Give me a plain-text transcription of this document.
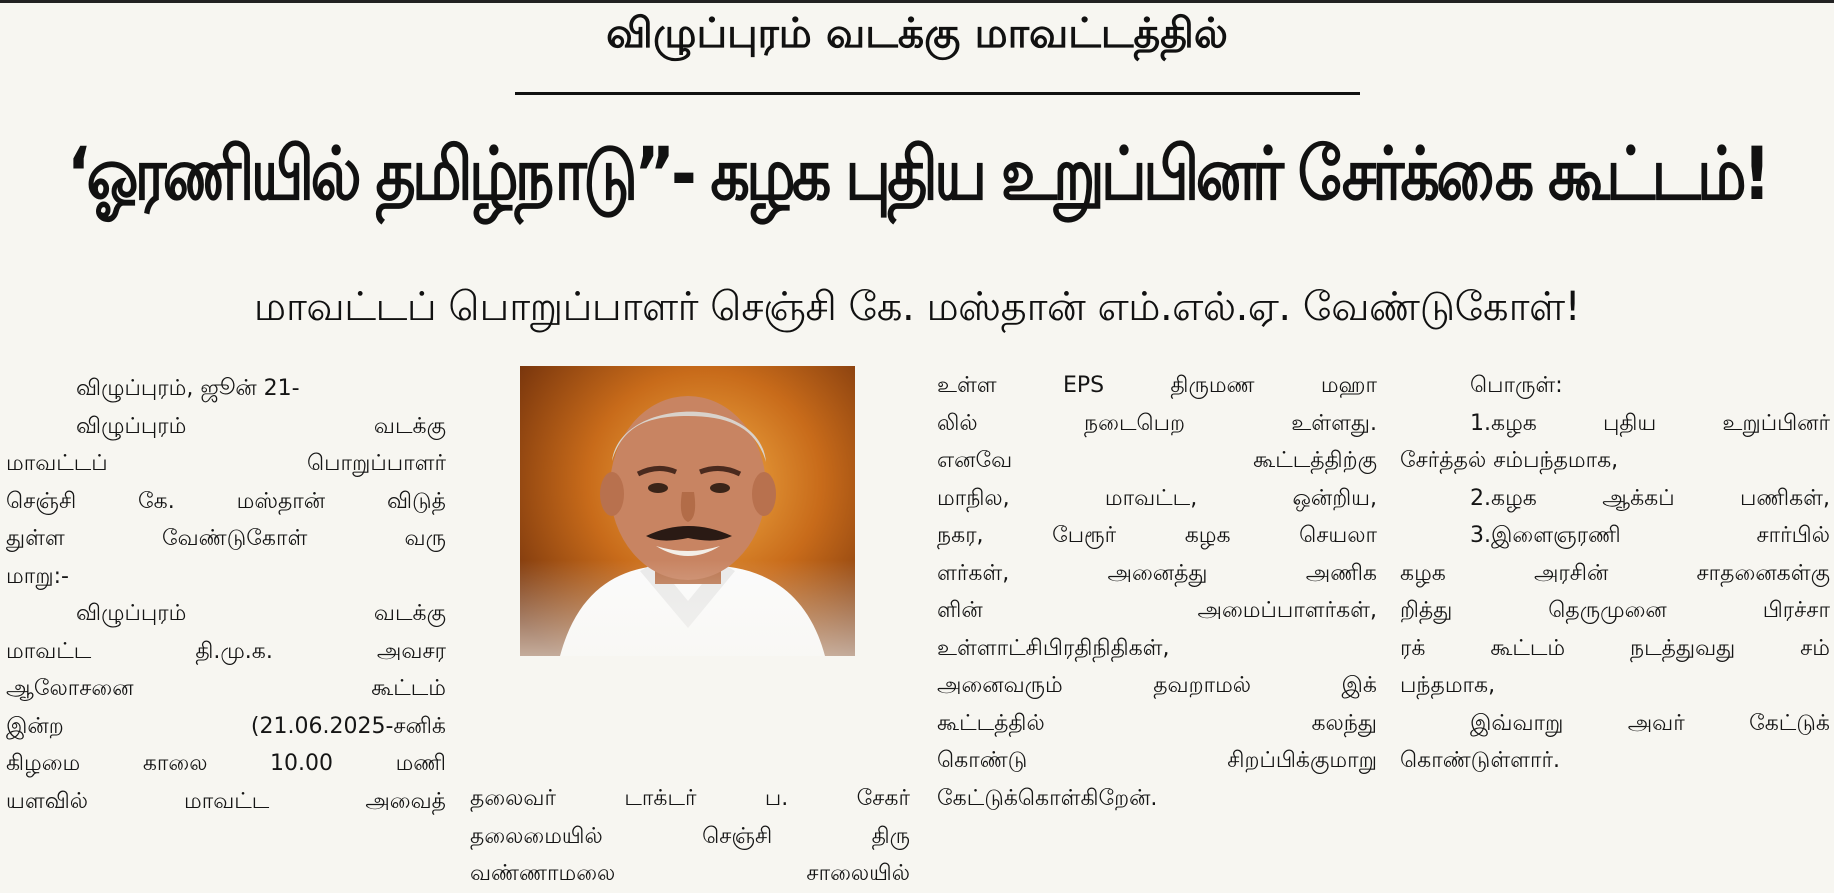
விழுப்புரம் வடக்கு மாவட்டத்தில்
‘ஓரணியில் தமிழ்நாடு”- கழக புதிய உறுப்பினர் சேர்க்கை கூட்டம்!
மாவட்டப் பொறுப்பாளர் செஞ்சி கே. மஸ்தான் எம்.எல்.ஏ. வேண்டுகோள்!

விழுப்புரம், ஜூன் 21-

விழுப்புரம் வடக்கு

மாவட்டப் பொறுப்பாளர்

செஞ்சி கே. மஸ்தான் விடுத்

துள்ள வேண்டுகோள் வரு

மாறு:-

விழுப்புரம் வடக்கு

மாவட்ட தி.மு.க. அவசர

ஆலோசனை கூட்டம்

இன்ற (21.06.2025-சனிக்

கிழமை காலை 10.00 மணி

யளவில் மாவட்ட அவைத் தலைவர் டாக்டர் ப. சேகர்

தலைமையில் செஞ்சி திரு

வண்ணாமலை சாலையில்

உள்ள EPS திருமண மஹா

லில் நடைபெற உள்ளது.

எனவே கூட்டத்திற்கு

மாநில, மாவட்ட, ஒன்றிய,

நகர, பேரூர் கழக செயலா

ளர்கள், அனைத்து அணிக

ளின் அமைப்பாளர்கள்,

உள்ளாட்சிபிரதிநிதிகள்,

அனைவரும் தவறாமல் இக்

கூட்டத்தில் கலந்து

கொண்டு சிறப்பிக்குமாறு

கேட்டுக்கொள்கிறேன்.

பொருள்:

1.கழக புதிய உறுப்பினர்

சேர்த்தல் சம்பந்தமாக,

2.கழக ஆக்கப் பணிகள்,

3.இளைஞரணி சார்பில்

கழக அரசின் சாதனைகள்கு

றித்து தெருமுனை பிரச்சா

ரக் கூட்டம் நடத்துவது சம்

பந்தமாக,

இவ்வாறு அவர் கேட்டுக்

கொண்டுள்ளார்.
